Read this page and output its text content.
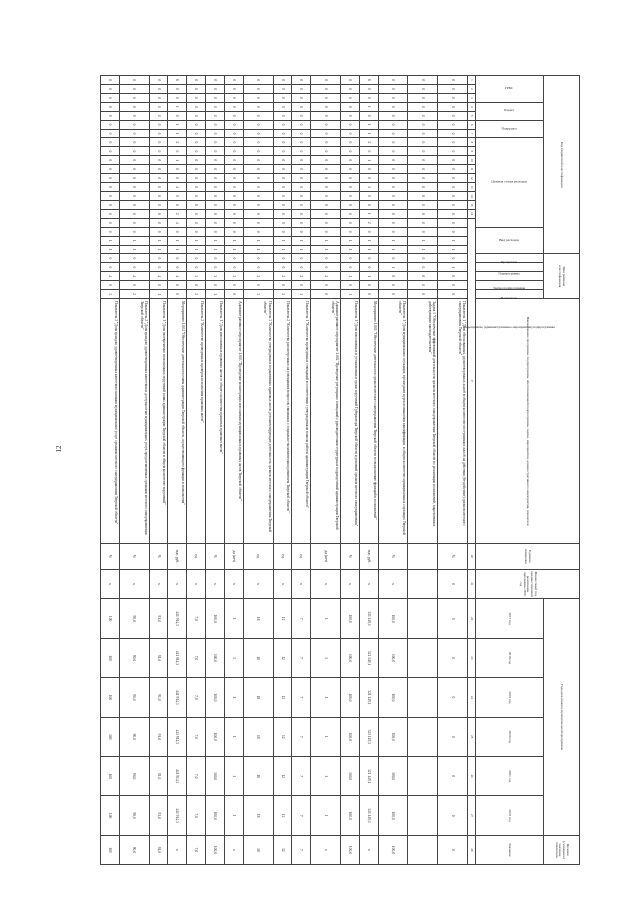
12
Код бюджетной классификации																				Программная классификация					Наименование программы, подпрограммы, обеспечивающей подпрограммы, задачи, мероприятия, административного мероприятия, показателя	Единица измерения	Финансовый год, предшествующий реализации программы 2016 год	Годы реализации муниципальной программы						Целевое (суммарное) значение показателя
ГРБС			Раздел		Подраздел		Целевая статья расходов										Вид расходов			Программа	Подпрограмма	Задача подпрограммы	Мероприятие (административное мероприятие) подпрограммы	Показатель				2017 год	2018 год	2019 год	2020 год	2021 год	2022 год	Значение
1	2	3	4	5	6	7	8	9	10	11	12	13	14	15	16	17										20	21	22	23	24	25	26	27	28
0	0	0	0	0	0	0	0	0	0	0	0	0	0	0	0	0	0	1	1	0	1	0	0	0	Показатель 1 "Доля обоснованных, удовлетворенных жалоб в общем количестве поступивших жалоб на действия (бездействие) органов местного самоуправления Тверской области"	%	0	0	0	0	0	0	0	0
0	0	0	0	0	0	0	0	0	0	0	0	0	0	0	0	0	0	1	1	0	0	0	0	0	Задача 1 "Обеспечение эффективной деятельности органов местного самоуправления Тверской области по реализации полномочий, закрепленных действующим законодательством"									
0	0	0	0	0	0	0	0	0	0	0	0	0	0	0	0	0	0	1	1	0	1	0	0	0	Показатель 1 "Доля муниципальных служащих, прошедших курсы повышения квалификации, в общем количестве муниципальных служащих Тверской области"	%	х	100,0	100,0	100,0	100,0	100,0	100,0	100,0
6	0	0	1	0	1	1	2	0	1	0	0	1	0	0	1	2	0	1	1	0	0	1	0	0	Мероприятие 1.001 "Обеспечение деятельности органов местного самоуправления Тверской области по выполнению функций и полномочий"	тыс. руб.	х	321 149,1	321 149,1	321 149,1	321 149,1	321 149,1	321 149,1	х
0	0	0	0	0	0	0	0	0	0	0	0	0	0	0	0	0	0	1	1	0	0	1	0	1	Показатель 1 "Доля исполненных в установленные сроки поручений Губернатора Тверской области и решений органов местного самоуправления"	%	х	100,0	100,0	100,0	100,0	100,0	100,0	100,0
0	0	0	0	0	0	0	0	0	0	0	0	0	0	0	0	0	0	1	1	0	0	2	0	0	Административное мероприятие 1.002 "Проведение регулярных совещаний с руководителями структурных подразделений администрации Тверской области"	да (нет)	х	1	1	1	1	1	1	х
0	0	0	0	0	0	0	0	0	0	0	0	0	0	0	0	0	0	1	1	0	0	2	0	1	Показатель 1 "Количество проведенных совещаний в соответствии с утвержденным планом работы администрации Тверской области"	ед.	х	7	7	7	7	7	7	7
0	0	0	0	0	0	0	0	0	0	0	0	0	0	0	0	0	0	1	1	0	0	2	0	2	Показатель 2 "Количество рассмотренных на совещаниях вопросов, связанных с социально-экономическим развитием Тверской области"	ед.	х	12	12	12	12	12	12	12
0	0	0	0	0	0	0	0	0	0	0	0	0	0	0	0	0	0	1	1	0	0	2	0	3	Показатель 3 "Количество утвержденных нормативных правовых актов, регламентирующих деятельность органов местного самоуправления Тверской области"	ед.	х	18	18	18	18	18	18	18
0	0	0	0	0	0	0	0	0	0	0	0	0	0	0	0	0	0	1	1	0	0	3	0	0	Административное мероприятие 1.003 "Проведение мониторинга исполнения муниципальных правовых актов Тверской области"	да (нет)	х	1	1	1	1	1	1	х
0	0	0	0	0	0	0	0	0	0	0	0	0	0	0	0	0	0	1	1	0	0	3	0	1	Показатель 1 "Доля исполненных правовых актов от общего количества принятых правовых актов"	%	х	100,0	100,0	100,0	100,0	100,0	100,0	100,0
0	0	0	0	0	0	0	0	0	0	0	0	0	0	0	0	0	0	1	1	0	0	3	0	2	Показатель 2 "Количество проведенных проверок исполнения правовых актов"	ед.	х	7,0	7,0	7,0	7,0	7,0	7,0	7,0
6	0	0	1	0	1	1	2	0	1	0	0	4	0	0	2	4	0	1	1	0	0	4	0	0	Мероприятие 1.004 "Обеспечение деятельности главы администрации Тверской области, осуществляющего функции и полномочия"	тыс. руб.	х	441 914,3	441 914,3	441 914,3	441 914,3	441 914,3	441 914,3	х
0	0	0	0	0	0	0	0	0	0	0	0	0	0	0	0	0	0	1	1	0	0	4	0	1	Показатель 1 "Доля своевременно исполненных поручений главы администрации Тверской области в общем количестве поручений"	%	х	91,0	91,0	91,0	91,0	91,0	91,0	91,0
0	0	0	0	0	0	0	0	0	0	0	0	0	0	0	0	0	0	1	1	0	0	4	0	2	Показатель 2 "Доля граждан, удовлетворенных качеством и доступностью муниципальных услуг, предоставляемых органами местного самоуправления Тверской области"	%	х	90,0	90,0	90,0	90,0	90,0	90,0	90,0
0	0	0	0	0	0	0	0	0	0	0	0	0	0	0	0	0	0	1	1	0	0	4	0	3	Показатель 3 "Доля граждан, удовлетворенных качеством оказания муниципальных услуг органами местного самоуправления Тверской области"	%	х	100	100	100	100	100	100	100
